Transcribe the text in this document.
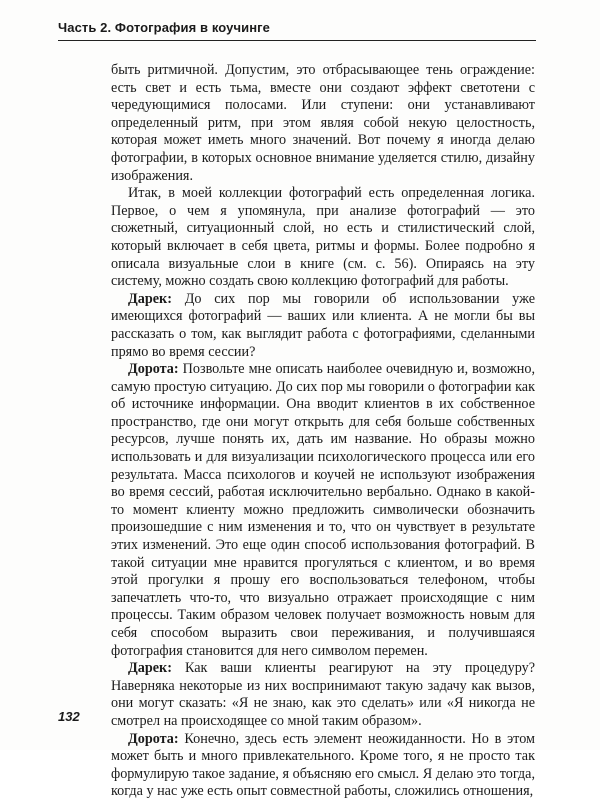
Часть 2. Фотография в коучинге

быть ритмичной. Допустим, это отбрасывающее тень ограждение: есть свет и есть тьма, вместе они создают эффект светотени с чередующимися полосами. Или ступени: они устанавливают определенный ритм, при этом являя собой некую целостность, которая может иметь много значений. Вот почему я иногда делаю фотографии, в которых основное внимание уделяется стилю, дизайну изображения.

Итак, в моей коллекции фотографий есть определенная логика. Первое, о чем я упомянула, при анализе фотографий — это сюжетный, ситуационный слой, но есть и стилистический слой, который включает в себя цвета, ритмы и формы. Более подробно я описала визуальные слои в книге (см. с. 56). Опираясь на эту систему, можно создать свою коллекцию фотографий для работы.

Дарек: До сих пор мы говорили об использовании уже имеющихся фотографий — ваших или клиента. А не могли бы вы рассказать о том, как выглядит работа с фотографиями, сделанными прямо во время сессии?

Дорота: Позвольте мне описать наиболее очевидную и, возможно, самую простую ситуацию. До сих пор мы говорили о фотографии как об источнике информации. Она вводит клиентов в их собственное пространство, где они могут открыть для себя больше собственных ресурсов, лучше понять их, дать им название. Но образы можно использовать и для визуализации психологического процесса или его результата. Масса психологов и коучей не используют изображения во время сессий, работая исключительно вербально. Однако в какой-то момент клиенту можно предложить символически обозначить произошедшие с ним изменения и то, что он чувствует в результате этих изменений. Это еще один способ использования фотографий. В такой ситуации мне нравится прогуляться с клиентом, и во время этой прогулки я прошу его воспользоваться телефоном, чтобы запечатлеть что-то, что визуально отражает происходящие с ним процессы. Таким образом человек получает возможность новым для себя способом выразить свои переживания, и получившаяся фотография становится для него символом перемен.

Дарек: Как ваши клиенты реагируют на эту процедуру? Наверняка некоторые из них воспринимают такую задачу как вызов, они могут сказать: «Я не знаю, как это сделать» или «Я никогда не смотрел на происходящее со мной таким образом».

Дорота: Конечно, здесь есть элемент неожиданности. Но в этом может быть и много привлекательного. Кроме того, я не просто так формулирую такое задание, я объясняю его смысл. Я делаю это тогда, когда у нас уже есть опыт совместной работы, сложились отношения,

132
